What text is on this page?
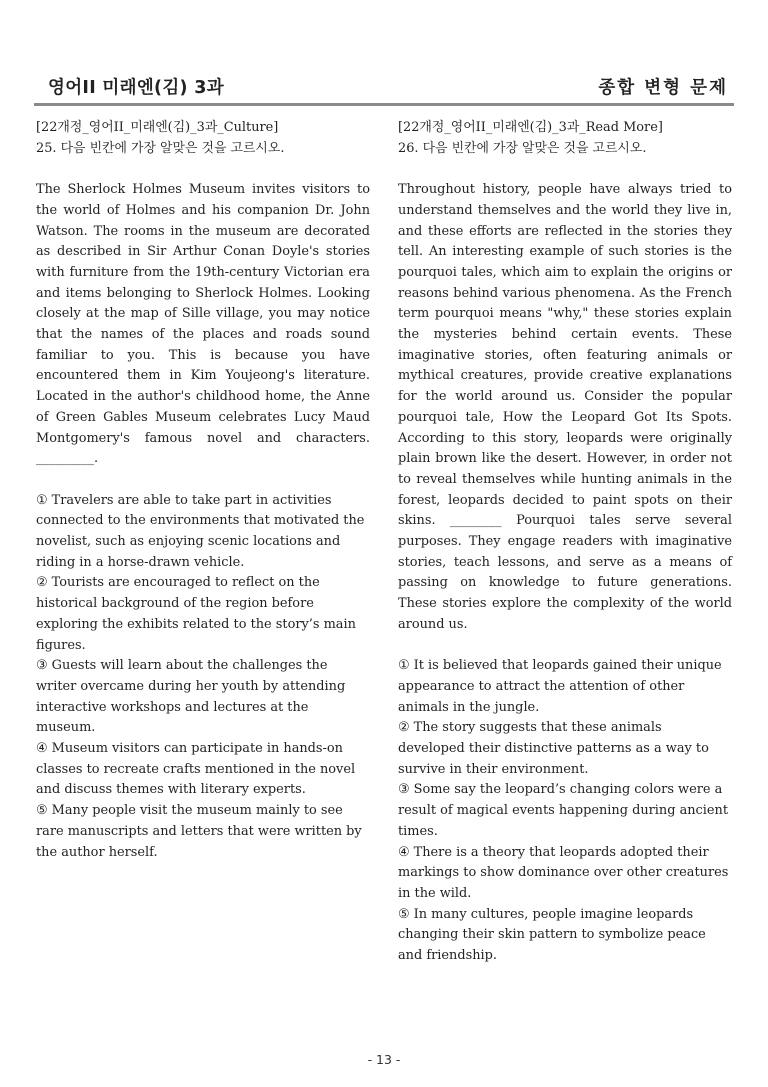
영어II 미래엔(김) 3과	종합 변형 문제

[22개정_영어II_미래엔(김)_3과_Culture]

25. 다음 빈칸에 가장 알맞은 것을 고르시오.

The Sherlock Holmes Museum invites visitors to the world of Holmes and his companion Dr. John Watson. The rooms in the museum are decorated as described in Sir Arthur Conan Doyle's stories with furniture from the 19th-century Victorian era and items belonging to Sherlock Holmes. Looking closely at the map of Sille village, you may notice that the names of the places and roads sound familiar to you. This is because you have encountered them in Kim Youjeong's literature. Located in the author's childhood home, the Anne of Green Gables Museum celebrates Lucy Maud Montgomery's famous novel and characters. _________.

① Travelers are able to take part in activities connected to the environments that motivated the novelist, such as enjoying scenic locations and riding in a horse-drawn vehicle.
② Tourists are encouraged to reflect on the historical background of the region before exploring the exhibits related to the story’s main figures.
③ Guests will learn about the challenges the writer overcame during her youth by attending interactive workshops and lectures at the museum.
④ Museum visitors can participate in hands-on classes to recreate crafts mentioned in the novel and discuss themes with literary experts.
⑤ Many people visit the museum mainly to see rare manuscripts and letters that were written by the author herself.

[22개정_영어II_미래엔(김)_3과_Read More]

26. 다음 빈칸에 가장 알맞은 것을 고르시오.

Throughout history, people have always tried to understand themselves and the world they live in, and these efforts are reflected in the stories they tell. An interesting example of such stories is the pourquoi tales, which aim to explain the origins or reasons behind various phenomena. As the French term pourquoi means "why," these stories explain the mysteries behind certain events. These imaginative stories, often featuring animals or mythical creatures, provide creative explanations for the world around us. Consider the popular pourquoi tale, How the Leopard Got Its Spots. According to this story, leopards were originally plain brown like the desert. However, in order not to reveal themselves while hunting animals in the forest, leopards decided to paint spots on their skins. ________ Pourquoi tales serve several purposes. They engage readers with imaginative stories, teach lessons, and serve as a means of passing on knowledge to future generations. These stories explore the complexity of the world around us.

① It is believed that leopards gained their unique appearance to attract the attention of other animals in the jungle.
② The story suggests that these animals developed their distinctive patterns as a way to survive in their environment.
③ Some say the leopard’s changing colors were a result of magical events happening during ancient times.
④ There is a theory that leopards adopted their markings to show dominance over other creatures in the wild.
⑤ In many cultures, people imagine leopards changing their skin pattern to symbolize peace and friendship.
- 13 -
